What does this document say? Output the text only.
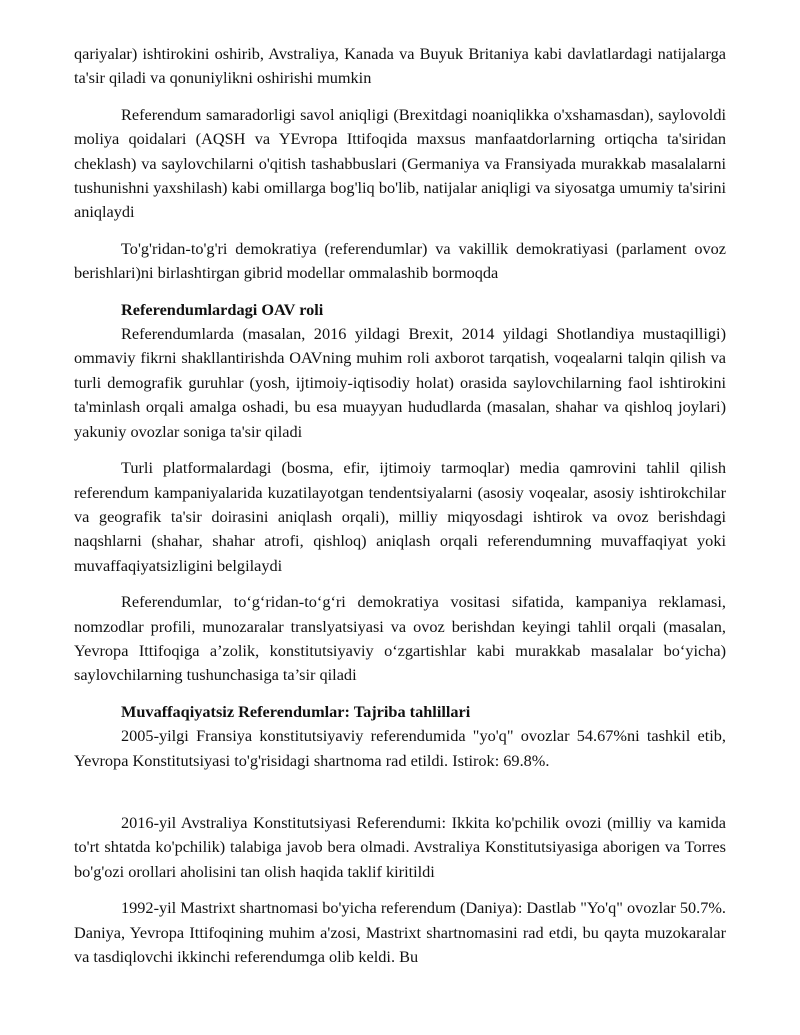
qariyalar) ishtirokini oshirib, Avstraliya, Kanada va Buyuk Britaniya kabi davlatlardagi natijalarga ta'sir qiladi va qonuniylikni oshirishi mumkin

Referendum samaradorligi savol aniqligi (Brexitdagi noaniqlikka o'xshamasdan), saylovoldi moliya qoidalari (AQSH va YEvropa Ittifoqida maxsus manfaatdorlarning ortiqcha ta'siridan cheklash) va saylovchilarni o'qitish tashabbuslari (Germaniya va Fransiyada murakkab masalalarni tushunishni yaxshilash) kabi omillarga bog'liq bo'lib, natijalar aniqligi va siyosatga umumiy ta'sirini aniqlaydi

To'g'ridan-to'g'ri demokratiya (referendumlar) va vakillik demokratiyasi (parlament ovoz berishlari)ni birlashtirgan gibrid modellar ommalashib bormoqda

Referendumlardagi OAV roli

Referendumlarda (masalan, 2016 yildagi Brexit, 2014 yildagi Shotlandiya mustaqilligi) ommaviy fikrni shakllantirishda OAVning muhim roli axborot tarqatish, voqealarni talqin qilish va turli demografik guruhlar (yosh, ijtimoiy-iqtisodiy holat) orasida saylovchilarning faol ishtirokini ta'minlash orqali amalga oshadi, bu esa muayyan hududlarda (masalan, shahar va qishloq joylari) yakuniy ovozlar soniga ta'sir qiladi

Turli platformalardagi (bosma, efir, ijtimoiy tarmoqlar) media qamrovini tahlil qilish referendum kampaniyalarida kuzatilayotgan tendentsiyalarni (asosiy voqealar, asosiy ishtirokchilar va geografik ta'sir doirasini aniqlash orqali), milliy miqyosdagi ishtirok va ovoz berishdagi naqshlarni (shahar, shahar atrofi, qishloq) aniqlash orqali referendumning muvaffaqiyat yoki muvaffaqiyatsizligini belgilaydi

Referendumlar, to‘g‘ridan-to‘g‘ri demokratiya vositasi sifatida, kampaniya reklamasi, nomzodlar profili, munozaralar translyatsiyasi va ovoz berishdan keyingi tahlil orqali (masalan, Yevropa Ittifoqiga a’zolik, konstitutsiyaviy o‘zgartishlar kabi murakkab masalalar bo‘yicha) saylovchilarning tushunchasiga ta’sir qiladi

Muvaffaqiyatsiz Referendumlar: Tajriba tahlillari

2005-yilgi Fransiya konstitutsiyaviy referendumida "yo'q" ovozlar 54.67%ni tashkil etib, Yevropa Konstitutsiyasi to'g'risidagi shartnoma rad etildi. Istirok: 69.8%.

2016-yil Avstraliya Konstitutsiyasi Referendumi: Ikkita ko'pchilik ovozi (milliy va kamida to'rt shtatda ko'pchilik) talabiga javob bera olmadi. Avstraliya Konstitutsiyasiga aborigen va Torres bo'g'ozi orollari aholisini tan olish haqida taklif kiritildi

1992-yil Mastrixt shartnomasi bo'yicha referendum (Daniya): Dastlab "Yo'q" ovozlar 50.7%. Daniya, Yevropa Ittifoqining muhim a'zosi, Mastrixt shartnomasini rad etdi, bu qayta muzokaralar va tasdiqlovchi ikkinchi referendumga olib keldi. Bu
